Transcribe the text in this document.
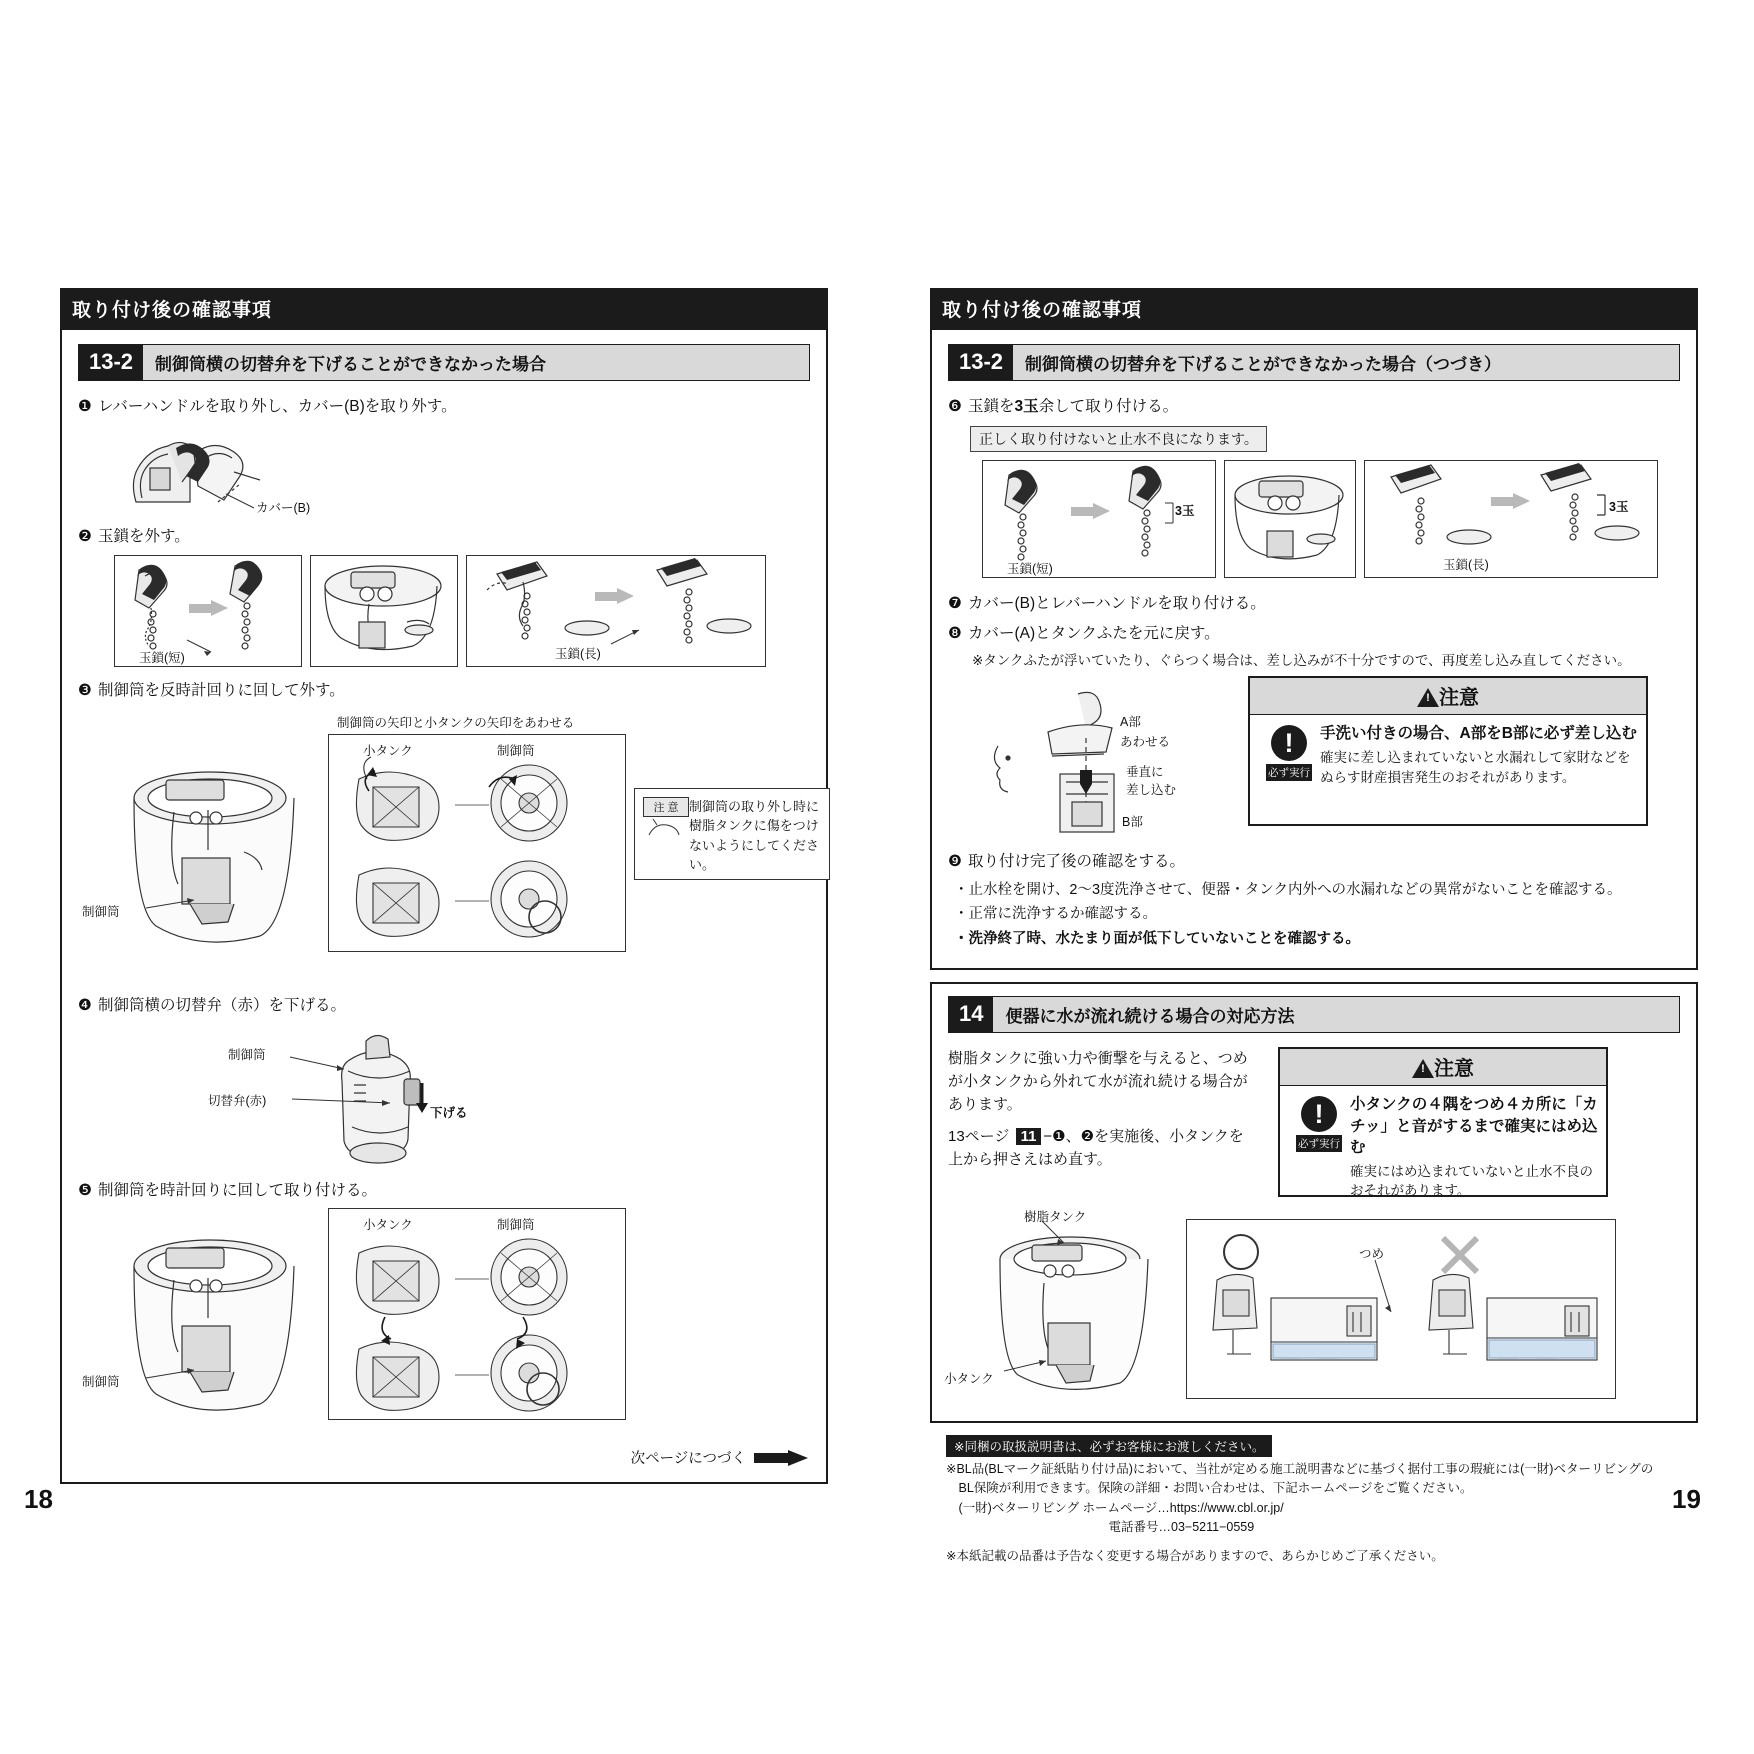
取り付け後の確認事項
13-2	制御筒横の切替弁を下げることができなかった場合
❶ レバーハンドルを取り外し、カバー(B)を取り外す。
カバー(B)
❷ 玉鎖を外す。
玉鎖(短)	玉鎖(長)
❸ 制御筒を反時計回りに回して外す。
制御筒
制御筒の矢印と小タンクの矢印をあわせる
小タンク	制御筒
注 意 制御筒の取り外し時に樹脂タンクに傷をつけないようにしてください。
❹ 制御筒横の切替弁（赤）を下げる。
制御筒
切替弁(赤)
下げる
❺ 制御筒を時計回りに回して取り付ける。
制御筒
小タンク	制御筒
次ページにつづく
18
取り付け後の確認事項
13-2	制御筒横の切替弁を下げることができなかった場合（つづき）
❻ 玉鎖を3玉余して取り付ける。
正しく取り付けないと止水不良になります。
玉鎖(短)
3玉
玉鎖(長)
3玉
❼ カバー(B)とレバーハンドルを取り付ける。
❽ カバー(A)とタンクふたを元に戻す。
※タンクふたが浮いていたり、ぐらつく場合は、差し込みが不十分ですので、再度差し込み直してください。
A部
あわせる
垂直に
差し込む
B部
!注意
!
必ず実行
手洗い付きの場合、A部をB部に必ず差し込む
確実に差し込まれていないと水漏れして家財などをぬらす財産損害発生のおそれがあります。
❾ 取り付け完了後の確認をする。
・止水栓を開け、2〜3度洗浄させて、便器・タンク内外への水漏れなどの異常がないことを確認する。
・正常に洗浄するか確認する。
・洗浄終了時、水たまり面が低下していないことを確認する。
14	便器に水が流れ続ける場合の対応方法
樹脂タンクに強い力や衝撃を与えると、つめが小タンクから外れて水が流れ続ける場合があります。
13ページ 11 −❶、❷を実施後、小タンクを上から押さえはめ直す。
!注意
!
必ず実行
小タンクの４隅をつめ４カ所に「カチッ」と音がするまで確実にはめ込む
確実にはめ込まれていないと止水不良のおそれがあります。
樹脂タンク
小タンク
つめ
※同梱の取扱説明書は、必ずお客様にお渡しください。
※BL品(BLマーク証紙貼り付け品)において、当社が定める施工説明書などに基づく据付工事の瑕疵には(一財)ベターリビングの
　BL保険が利用できます。保険の詳細・お問い合わせは、下記ホームページをご覧ください。
　(一財)ベターリビング ホームページ…https://www.cbl.or.jp/
　　　　　　　　　　　　　電話番号…03−5211−0559
※本紙記載の品番は予告なく変更する場合がありますので、あらかじめご了承ください。
19
